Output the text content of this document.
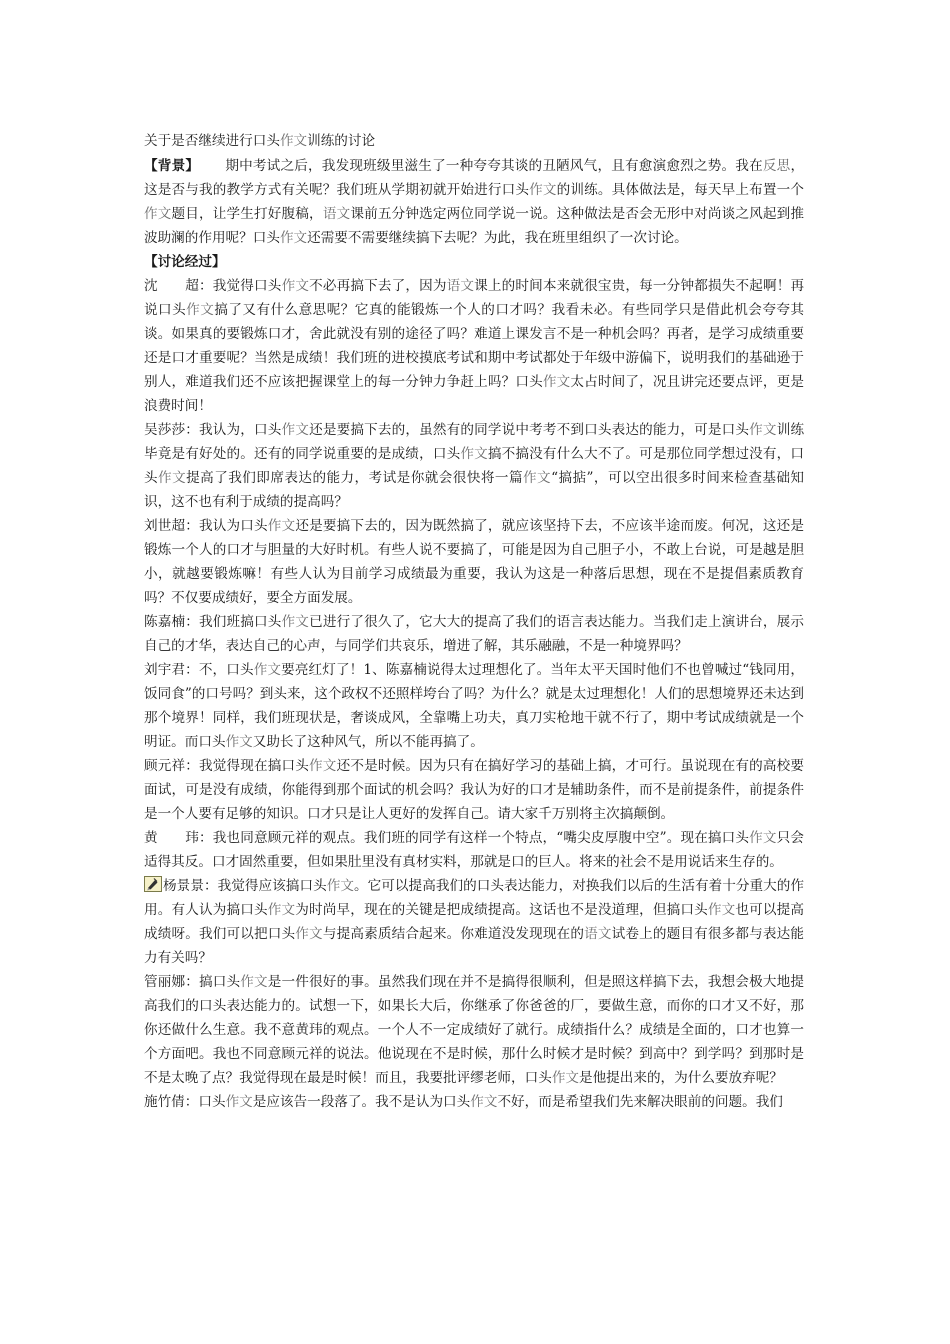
关于是否继续进行口头作文训练的讨论

【背景】 期中考试之后，我发现班级里滋生了一种夸夸其谈的丑陋风气，且有愈演愈烈之势。我在反思，这是否与我的教学方式有关呢？我们班从学期初就开始进行口头作文的训练。具体做法是，每天早上布置一个作文题目，让学生打好腹稿，语文课前五分钟选定两位同学说一说。这种做法是否会无形中对尚谈之风起到推波助澜的作用呢？口头作文还需要不需要继续搞下去呢？为此，我在班里组织了一次讨论。

【讨论经过】

沈　　超：我觉得口头作文不必再搞下去了，因为语文课上的时间本来就很宝贵，每一分钟都损失不起啊！再说口头作文搞了又有什么意思呢？它真的能锻炼一个人的口才吗？我看未必。有些同学只是借此机会夸夸其谈。如果真的要锻炼口才，舍此就没有别的途径了吗？难道上课发言不是一种机会吗？再者，是学习成绩重要还是口才重要呢？当然是成绩！我们班的进校摸底考试和期中考试都处于年级中游偏下，说明我们的基础逊于别人，难道我们还不应该把握课堂上的每一分钟力争赶上吗？口头作文太占时间了，况且讲完还要点评，更是浪费时间！

吴莎莎：我认为，口头作文还是要搞下去的，虽然有的同学说中考考不到口头表达的能力，可是口头作文训练毕竟是有好处的。还有的同学说重要的是成绩，口头作文搞不搞没有什么大不了。可是那位同学想过没有，口头作文提高了我们即席表达的能力，考试是你就会很快将一篇作文“搞掂”，可以空出很多时间来检查基础知识，这不也有利于成绩的提高吗？

刘世超：我认为口头作文还是要搞下去的，因为既然搞了，就应该坚持下去，不应该半途而废。何况，这还是锻炼一个人的口才与胆量的大好时机。有些人说不要搞了，可能是因为自己胆子小，不敢上台说，可是越是胆小，就越要锻炼嘛！有些人认为目前学习成绩最为重要，我认为这是一种落后思想，现在不是提倡素质教育吗？不仅要成绩好，要全方面发展。

陈嘉楠：我们班搞口头作文已进行了很久了，它大大的提高了我们的语言表达能力。当我们走上演讲台，展示自己的才华，表达自己的心声，与同学们共哀乐，增进了解，其乐融融，不是一种境界吗？

刘宇君：不，口头作文要亮红灯了！1、陈嘉楠说得太过理想化了。当年太平天国时他们不也曾喊过“钱同用，饭同食”的口号吗？到头来，这个政权不还照样垮台了吗？为什么？就是太过理想化！人们的思想境界还未达到那个境界！同样，我们班现状是，奢谈成风，全靠嘴上功夫，真刀实枪地干就不行了，期中考试成绩就是一个明证。而口头作文又助长了这种风气，所以不能再搞了。

顾元祥：我觉得现在搞口头作文还不是时候。因为只有在搞好学习的基础上搞，才可行。虽说现在有的高校要面试，可是没有成绩，你能得到那个面试的机会吗？我认为好的口才是辅助条件，而不是前提条件，前提条件是一个人要有足够的知识。口才只是让人更好的发挥自己。请大家千万别将主次搞颠倒。

黄　　玮：我也同意顾元祥的观点。我们班的同学有这样一个特点，“嘴尖皮厚腹中空”。现在搞口头作文只会适得其反。口才固然重要，但如果肚里没有真材实料，那就是口的巨人。将来的社会不是用说话来生存的。

杨景景：我觉得应该搞口头作文。它可以提高我们的口头表达能力，对换我们以后的生活有着十分重大的作用。有人认为搞口头作文为时尚早，现在的关键是把成绩提高。这话也不是没道理，但搞口头作文也可以提高成绩呀。我们可以把口头作文与提高素质结合起来。你难道没发现现在的语文试卷上的题目有很多都与表达能力有关吗？

管丽娜：搞口头作文是一件很好的事。虽然我们现在并不是搞得很顺利，但是照这样搞下去，我想会极大地提高我们的口头表达能力的。试想一下，如果长大后，你继承了你爸爸的厂，要做生意，而你的口才又不好，那你还做什么生意。我不意黄玮的观点。一个人不一定成绩好了就行。成绩指什么？成绩是全面的，口才也算一个方面吧。我也不同意顾元祥的说法。他说现在不是时候，那什么时候才是时候？到高中？到学吗？到那时是不是太晚了点？我觉得现在最是时候！而且，我要批评缪老师，口头作文是他提出来的，为什么要放弃呢？

施竹倩：口头作文是应该告一段落了。我不是认为口头作文不好，而是希望我们先来解决眼前的问题。我们
